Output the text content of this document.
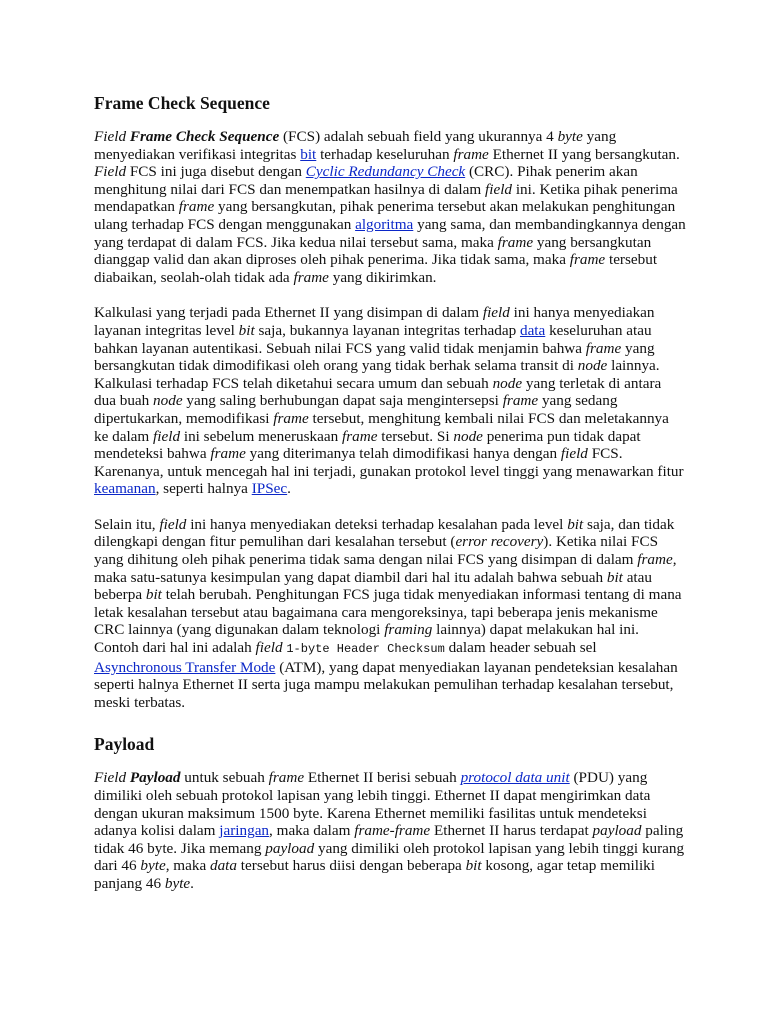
Frame Check Sequence

Field Frame Check Sequence (FCS) adalah sebuah field yang ukurannya 4 byte yang menyediakan verifikasi integritas bit terhadap keseluruhan frame Ethernet II yang bersangkutan. Field FCS ini juga disebut dengan Cyclic Redundancy Check (CRC). Pihak penerim akan menghitung nilai dari FCS dan menempatkan hasilnya di dalam field ini. Ketika pihak penerima mendapatkan frame yang bersangkutan, pihak penerima tersebut akan melakukan penghitungan ulang terhadap FCS dengan menggunakan algoritma yang sama, dan membandingkannya dengan yang terdapat di dalam FCS. Jika kedua nilai tersebut sama, maka frame yang bersangkutan dianggap valid dan akan diproses oleh pihak penerima. Jika tidak sama, maka frame tersebut diabaikan, seolah-olah tidak ada frame yang dikirimkan.

Kalkulasi yang terjadi pada Ethernet II yang disimpan di dalam field ini hanya menyediakan layanan integritas level bit saja, bukannya layanan integritas terhadap data keseluruhan atau bahkan layanan autentikasi. Sebuah nilai FCS yang valid tidak menjamin bahwa frame yang bersangkutan tidak dimodifikasi oleh orang yang tidak berhak selama transit di node lainnya. Kalkulasi terhadap FCS telah diketahui secara umum dan sebuah node yang terletak di antara dua buah node yang saling berhubungan dapat saja mengintersepsi frame yang sedang dipertukarkan, memodifikasi frame tersebut, menghitung kembali nilai FCS dan meletakannya ke dalam field ini sebelum meneruskaan frame tersebut. Si node penerima pun tidak dapat mendeteksi bahwa frame yang diterimanya telah dimodifikasi hanya dengan field FCS. Karenanya, untuk mencegah hal ini terjadi, gunakan protokol level tinggi yang menawarkan fitur keamanan, seperti halnya IPSec.

Selain itu, field ini hanya menyediakan deteksi terhadap kesalahan pada level bit saja, dan tidak dilengkapi dengan fitur pemulihan dari kesalahan tersebut (error recovery). Ketika nilai FCS yang dihitung oleh pihak penerima tidak sama dengan nilai FCS yang disimpan di dalam frame, maka satu-satunya kesimpulan yang dapat diambil dari hal itu adalah bahwa sebuah bit atau beberpa bit telah berubah. Penghitungan FCS juga tidak menyediakan informasi tentang di mana letak kesalahan tersebut atau bagaimana cara mengoreksinya, tapi beberapa jenis mekanisme CRC lainnya (yang digunakan dalam teknologi framing lainnya) dapat melakukan hal ini. Contoh dari hal ini adalah field 1-byte Header Checksum dalam header sebuah sel Asynchronous Transfer Mode (ATM), yang dapat menyediakan layanan pendeteksian kesalahan seperti halnya Ethernet II serta juga mampu melakukan pemulihan terhadap kesalahan tersebut, meski terbatas.

Payload

Field Payload untuk sebuah frame Ethernet II berisi sebuah protocol data unit (PDU) yang dimiliki oleh sebuah protokol lapisan yang lebih tinggi. Ethernet II dapat mengirimkan data dengan ukuran maksimum 1500 byte. Karena Ethernet memiliki fasilitas untuk mendeteksi adanya kolisi dalam jaringan, maka dalam frame-frame Ethernet II harus terdapat payload paling tidak 46 byte. Jika memang payload yang dimiliki oleh protokol lapisan yang lebih tinggi kurang dari 46 byte, maka data tersebut harus diisi dengan beberapa bit kosong, agar tetap memiliki panjang 46 byte.
